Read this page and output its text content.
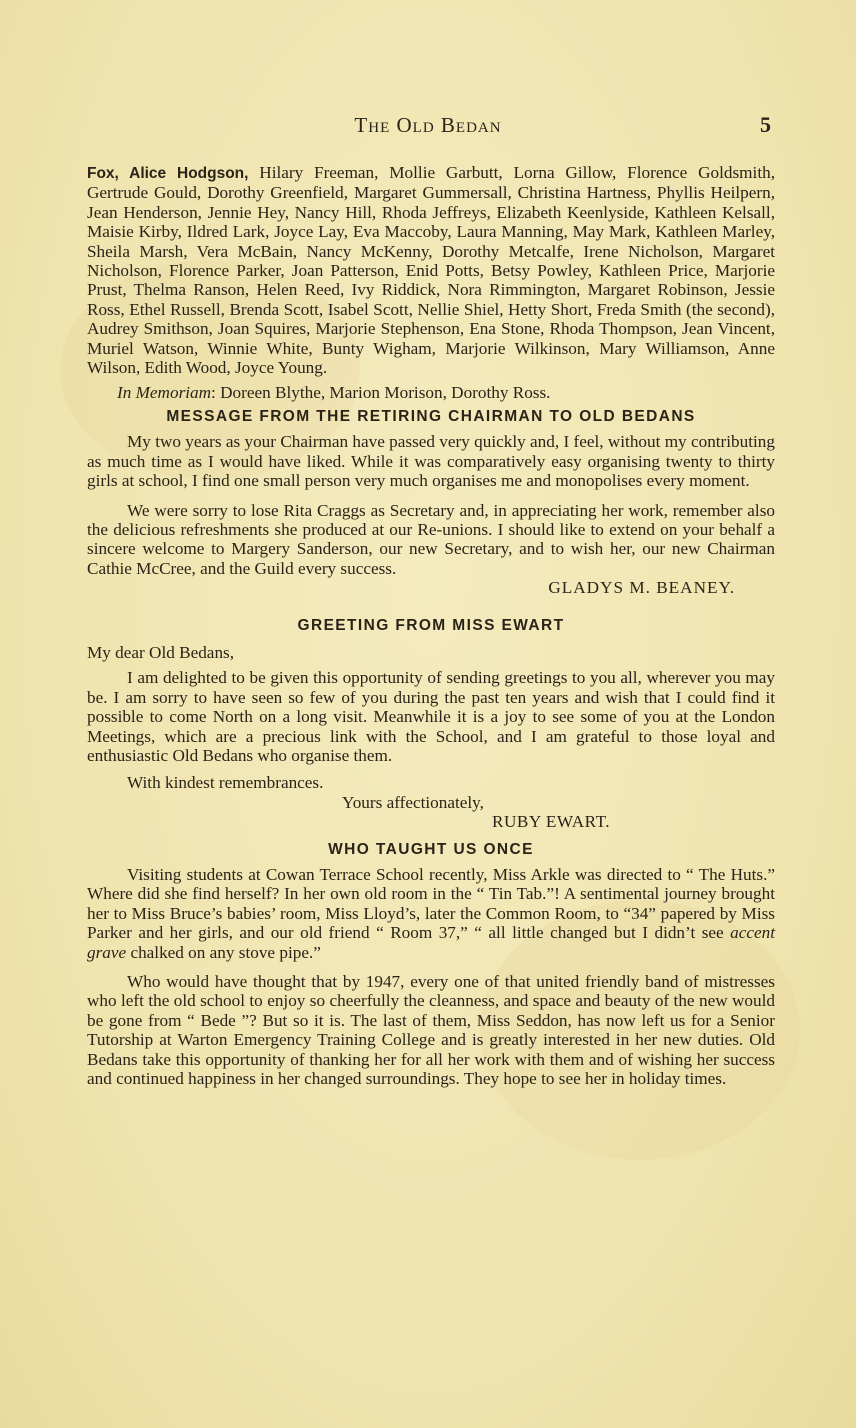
The Old Bedan	5

Fox, Alice Hodgson, Hilary Freeman, Mollie Garbutt, Lorna Gillow, Florence Goldsmith, Gertrude Gould, Dorothy Greenfield, Margaret Gummersall, Christina Hartness, Phyllis Heilpern, Jean Henderson, Jennie Hey, Nancy Hill, Rhoda Jeffreys, Elizabeth Keenlyside, Kathleen Kelsall, Maisie Kirby, Ildred Lark, Joyce Lay, Eva Maccoby, Laura Manning, May Mark, Kathleen Marley, Sheila Marsh, Vera McBain, Nancy McKenny, Dorothy Metcalfe, Irene Nicholson, Margaret Nicholson, Florence Parker, Joan Patterson, Enid Potts, Betsy Powley, Kathleen Price, Marjorie Prust, Thelma Ranson, Helen Reed, Ivy Riddick, Nora Rimmington, Margaret Robinson, Jessie Ross, Ethel Russell, Brenda Scott, Isabel Scott, Nellie Shiel, Hetty Short, Freda Smith (the second), Audrey Smithson, Joan Squires, Marjorie Stephenson, Ena Stone, Rhoda Thompson, Jean Vincent, Muriel Watson, Winnie White, Bunty Wigham, Marjorie Wilkinson, Mary Williamson, Anne Wilson, Edith Wood, Joyce Young.

In Memoriam: Doreen Blythe, Marion Morison, Dorothy Ross.

MESSAGE FROM THE RETIRING CHAIRMAN TO OLD BEDANS

My two years as your Chairman have passed very quickly and, I feel, without my contributing as much time as I would have liked. While it was comparatively easy organising twenty to thirty girls at school, I find one small person very much organises me and monopolises every moment.

We were sorry to lose Rita Craggs as Secretary and, in appreciating her work, remember also the delicious refreshments she produced at our Re-unions. I should like to extend on your behalf a sincere welcome to Margery Sanderson, our new Secretary, and to wish her, our new Chairman Cathie McCree, and the Guild every success.

GLADYS M. BEANEY.

GREETING FROM MISS EWART

My dear Old Bedans,

I am delighted to be given this opportunity of sending greetings to you all, wherever you may be. I am sorry to have seen so few of you during the past ten years and wish that I could find it possible to come North on a long visit. Meanwhile it is a joy to see some of you at the London Meetings, which are a precious link with the School, and I am grateful to those loyal and enthusiastic Old Bedans who organise them.

With kindest remembrances.

Yours affectionately,

RUBY EWART.

WHO TAUGHT US ONCE

Visiting students at Cowan Terrace School recently, Miss Arkle was directed to “ The Huts.” Where did she find herself? In her own old room in the “ Tin Tab.”! A sentimental journey brought her to Miss Bruce’s babies’ room, Miss Lloyd’s, later the Common Room, to “34” papered by Miss Parker and her girls, and our old friend “ Room 37,” “ all little changed but I didn’t see accent grave chalked on any stove pipe.”

Who would have thought that by 1947, every one of that united friendly band of mistresses who left the old school to enjoy so cheerfully the cleanness, and space and beauty of the new would be gone from “ Bede ”? But so it is. The last of them, Miss Seddon, has now left us for a Senior Tutorship at Warton Emergency Training College and is greatly interested in her new duties. Old Bedans take this opportunity of thanking her for all her work with them and of wishing her success and continued happiness in her changed surroundings. They hope to see her in holiday times.
